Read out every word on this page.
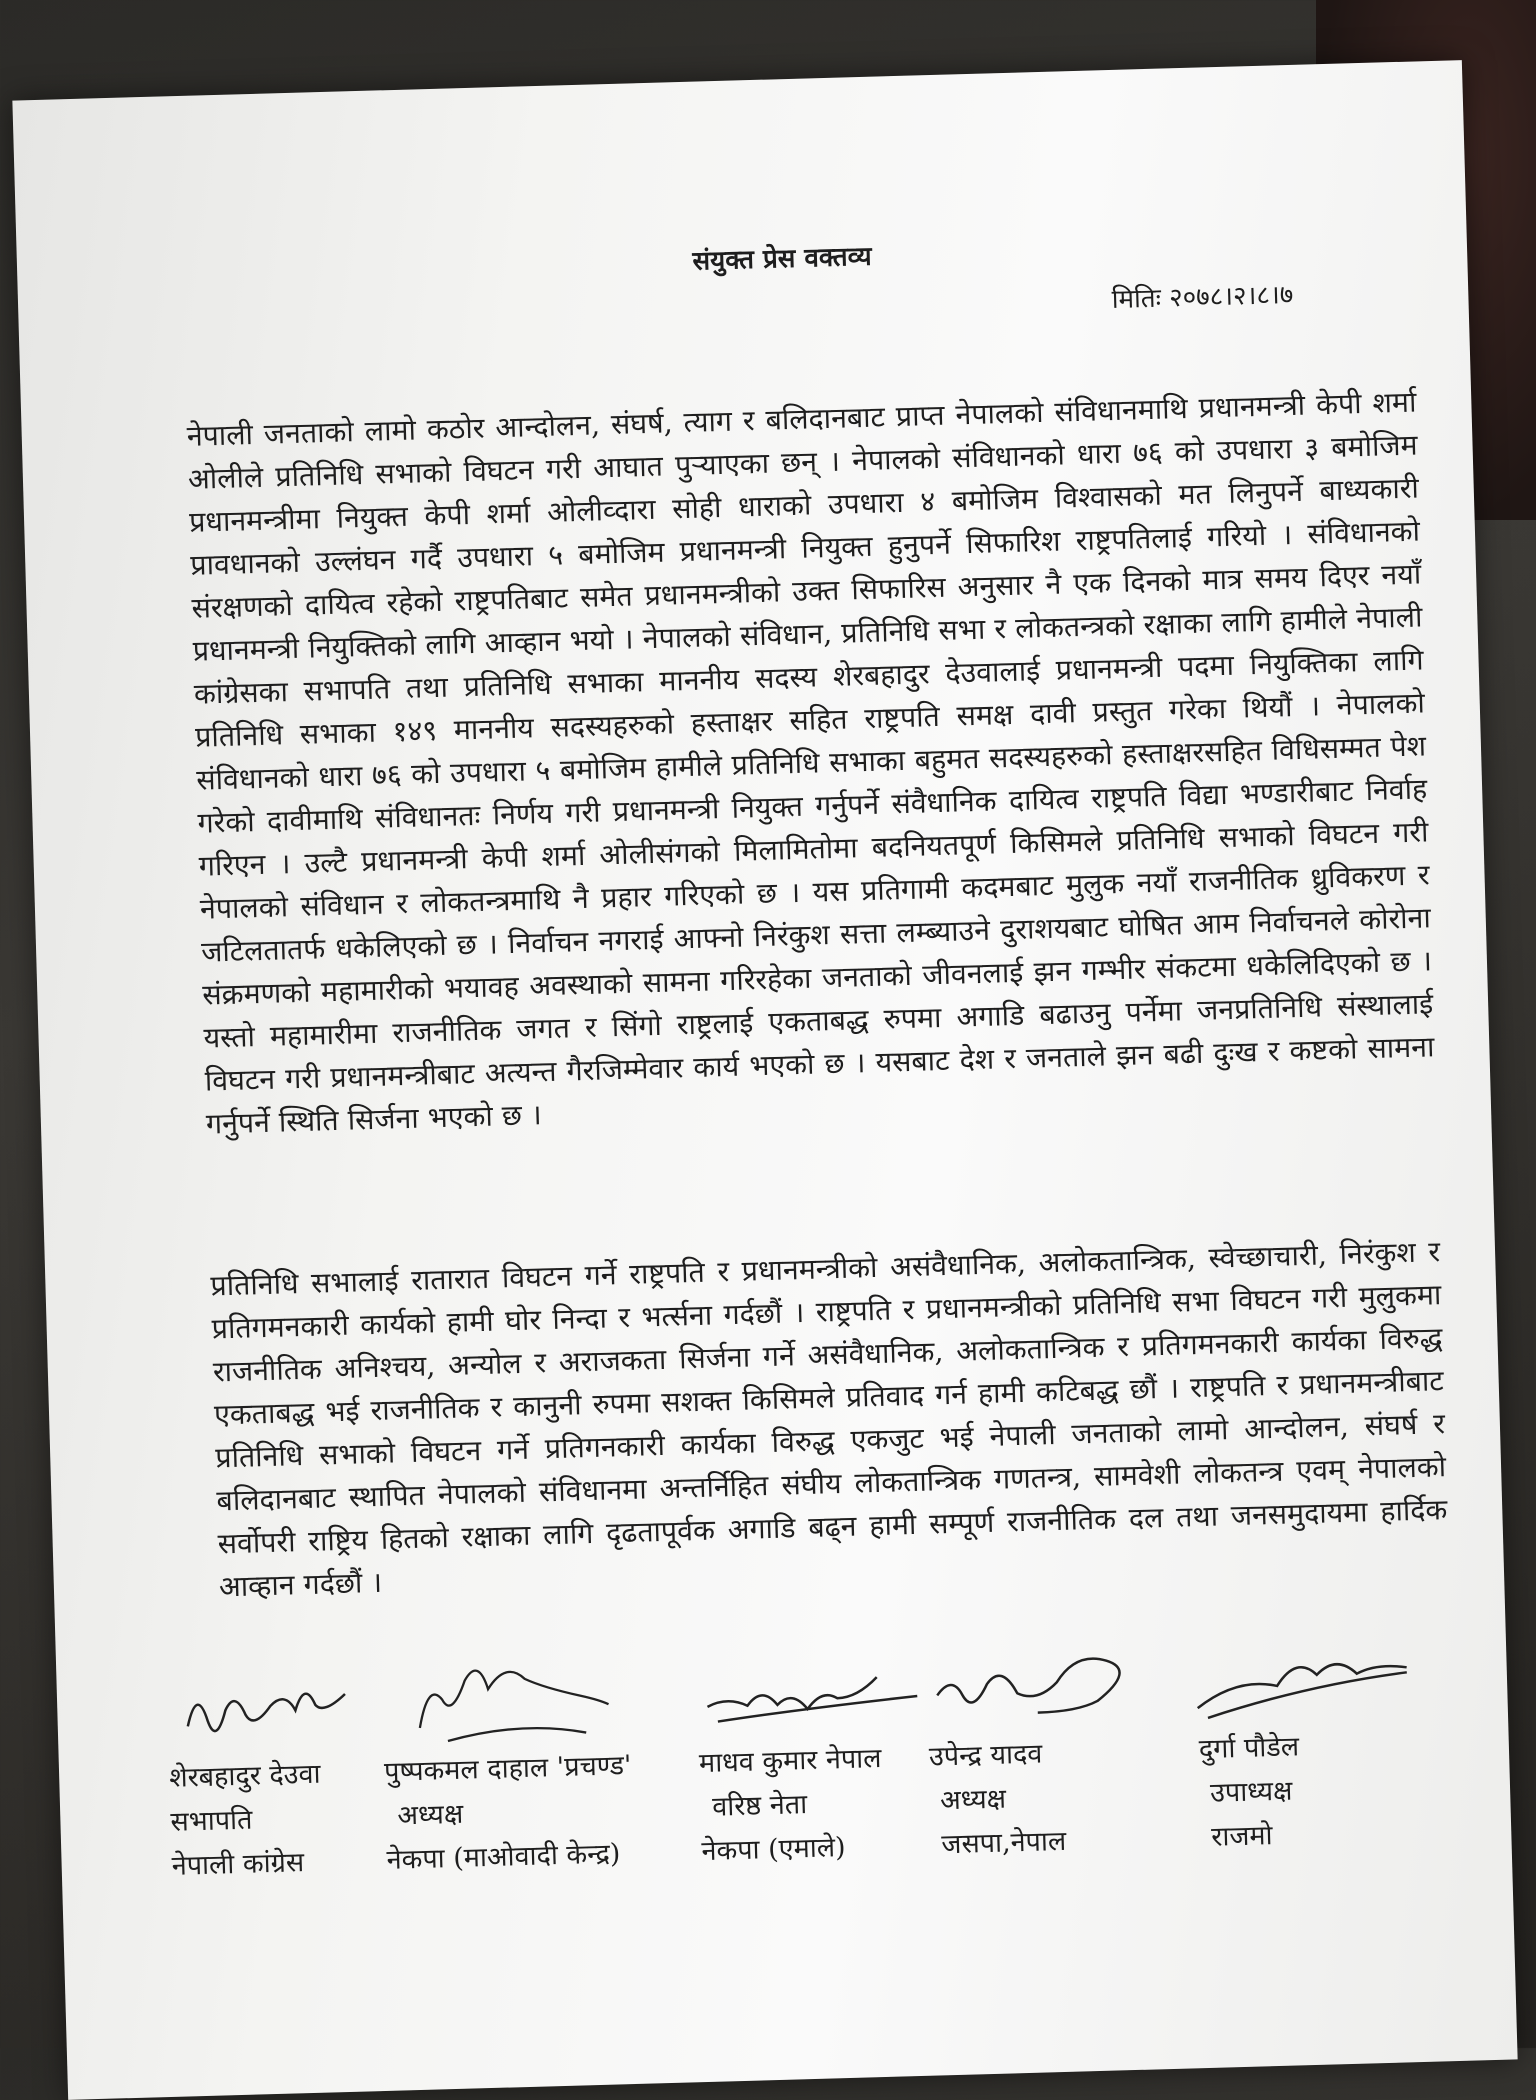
संयुक्त प्रेस वक्तव्य
मितिः २०७८।२।८।७

नेपाली जनताको लामो कठोर आन्दोलन, संघर्ष, त्याग र बलिदानबाट प्राप्त नेपालको संविधानमाथि प्रधानमन्त्री केपी शर्मा ओलीले प्रतिनिधि सभाको विघटन गरी आघात पुर्‍याएका छन् । नेपालको संविधानको धारा ७६ को उपधारा ३ बमोजिम प्रधानमन्त्रीमा नियुक्त केपी शर्मा ओलीव्दारा सोही धाराको उपधारा ४ बमोजिम विश्वासको मत लिनुपर्ने बाध्यकारी प्रावधानको उल्लंघन गर्दै उपधारा ५ बमोजिम प्रधानमन्त्री नियुक्त हुनुपर्ने सिफारिश राष्ट्रपतिलाई गरियो । संविधानको संरक्षणको दायित्व रहेको राष्ट्रपतिबाट समेत प्रधानमन्त्रीको उक्त सिफारिस अनुसार नै एक दिनको मात्र समय दिएर नयाँ प्रधानमन्त्री नियुक्तिको लागि आव्हान भयो । नेपालको संविधान, प्रतिनिधि सभा र लोकतन्त्रको रक्षाका लागि हामीले नेपाली कांग्रेसका सभापति तथा प्रतिनिधि सभाका माननीय सदस्य शेरबहादुर देउवालाई प्रधानमन्त्री पदमा नियुक्तिका लागि प्रतिनिधि सभाका १४९ माननीय सदस्यहरुको हस्ताक्षर सहित राष्ट्रपति समक्ष दावी प्रस्तुत गरेका थियौं । नेपालको संविधानको धारा ७६ को उपधारा ५ बमोजिम हामीले प्रतिनिधि सभाका बहुमत सदस्यहरुको हस्ताक्षरसहित विधिसम्मत पेश गरेको दावीमाथि संविधानतः निर्णय गरी प्रधानमन्त्री नियुक्त गर्नुपर्ने संवैधानिक दायित्व राष्ट्रपति विद्या भण्डारीबाट निर्वाह गरिएन । उल्टै प्रधानमन्त्री केपी शर्मा ओलीसंगको मिलामितोमा बदनियतपूर्ण किसिमले प्रतिनिधि सभाको विघटन गरी नेपालको संविधान र लोकतन्त्रमाथि नै प्रहार गरिएको छ । यस प्रतिगामी कदमबाट मुलुक नयाँ राजनीतिक ध्रुविकरण र जटिलतातर्फ धकेलिएको छ । निर्वाचन नगराई आफ्नो निरंकुश सत्ता लम्ब्याउने दुराशयबाट घोषित आम निर्वाचनले कोरोना संक्रमणको महामारीको भयावह अवस्थाको सामना गरिरहेका जनताको जीवनलाई झन गम्भीर संकटमा धकेलिदिएको छ । यस्तो महामारीमा राजनीतिक जगत र सिंगो राष्ट्रलाई एकताबद्ध रुपमा अगाडि बढाउनु पर्नेमा जनप्रतिनिधि संस्थालाई विघटन गरी प्रधानमन्त्रीबाट अत्यन्त गैरजिम्मेवार कार्य भएको छ । यसबाट देश र जनताले झन बढी दुःख र कष्टको सामना गर्नुपर्ने स्थिति सिर्जना भएको छ ।

प्रतिनिधि सभालाई रातारात विघटन गर्ने राष्ट्रपति र प्रधानमन्त्रीको असंवैधानिक, अलोकतान्त्रिक, स्वेच्छाचारी, निरंकुश र प्रतिगमनकारी कार्यको हामी घोर निन्दा र भर्त्सना गर्दछौं । राष्ट्रपति र प्रधानमन्त्रीको प्रतिनिधि सभा विघटन गरी मुलुकमा राजनीतिक अनिश्चय, अन्योल र अराजकता सिर्जना गर्ने असंवैधानिक, अलोकतान्त्रिक र प्रतिगमनकारी कार्यका विरुद्ध एकताबद्ध भई राजनीतिक र कानुनी रुपमा सशक्त किसिमले प्रतिवाद गर्न हामी कटिबद्ध छौं । राष्ट्रपति र प्रधानमन्त्रीबाट प्रतिनिधि सभाको विघटन गर्ने प्रतिगनकारी कार्यका विरुद्ध एकजुट भई नेपाली जनताको लामो आन्दोलन, संघर्ष र बलिदानबाट स्थापित नेपालको संविधानमा अन्तर्निहित संघीय लोकतान्त्रिक गणतन्त्र, सामवेशी लोकतन्त्र एवम् नेपालको सर्वोपरी राष्ट्रिय हितको रक्षाका लागि दृढतापूर्वक अगाडि बढ्न हामी सम्पूर्ण राजनीतिक दल तथा जनसमुदायमा हार्दिक आव्हान गर्दछौं ।

शेरबहादुर देउवा
सभापति
नेपाली कांग्रेस
पुष्पकमल दाहाल 'प्रचण्ड'
अध्यक्ष
नेकपा (माओवादी केन्द्र)
माधव कुमार नेपाल
वरिष्ठ नेता
नेकपा (एमाले)
उपेन्द्र यादव
अध्यक्ष
जसपा,नेपाल
दुर्गा पौडेल
उपाध्यक्ष
राजमो
